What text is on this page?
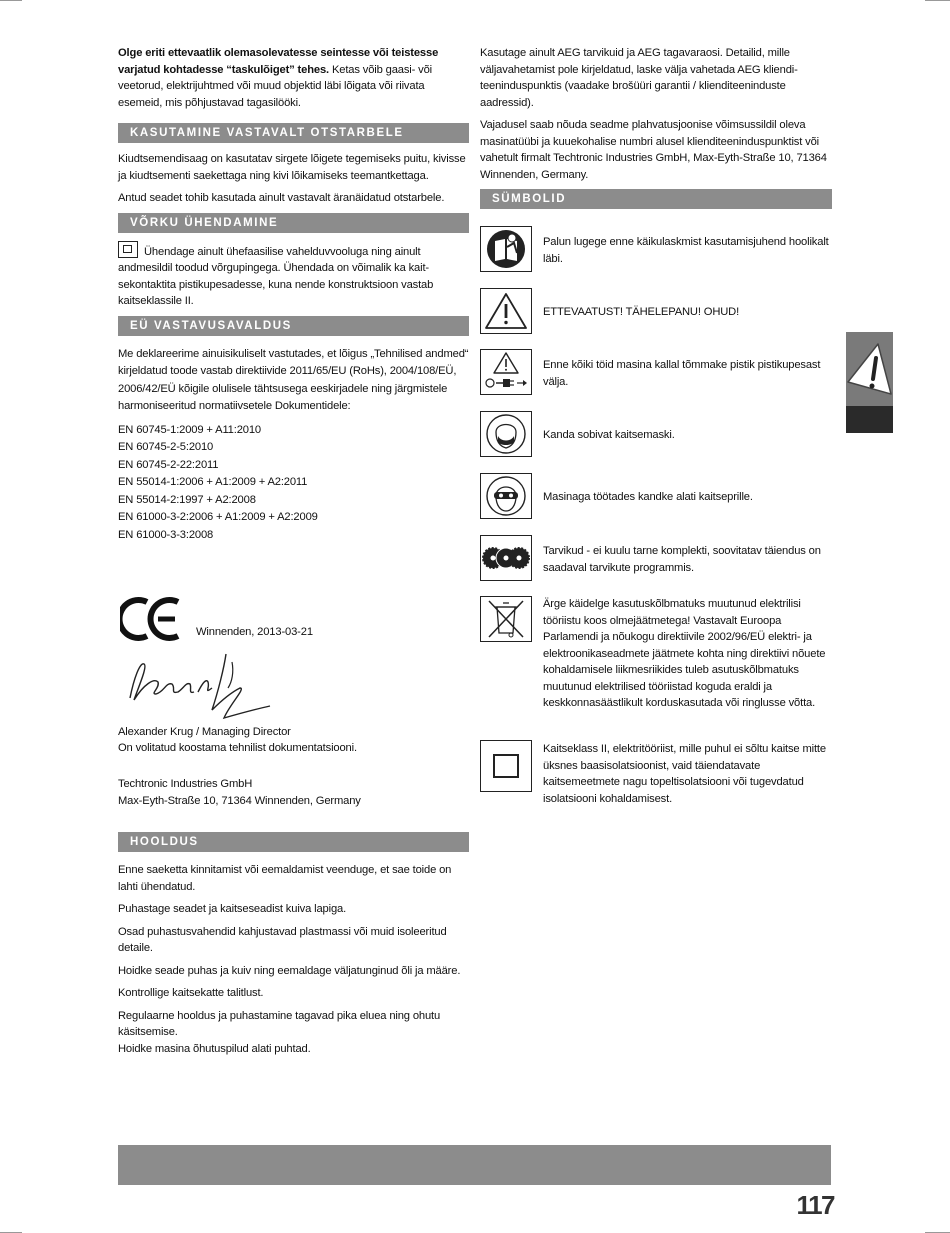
Olge eriti ettevaatlik olemasolevatesse seintesse või teistesse varjatud kohtadesse “taskulõiget” tehes. Ketas võib gaasi- või veetorud, elektrijuhtmed või muud objektid läbi lõigata või riivata esemeid, mis põhjustavad tagasilööki.

KASUTAMINE VASTAVALT OTSTARBELE

Kiudtsemendisaag on kasutatav sirgete lõigete tegemiseks puitu, kivisse ja kiudtsementi saekettaga ning kivi lõikamiseks teemantkettaga.

Antud seadet tohib kasutada ainult vastavalt äranäidatud otstarbele.

VÕRKU ÜHENDAMINE

Ühendage ainult ühefaasilise vahelduvvooluga ning ainult andmesildil toodud võrgupingega. Ühendada on võimalik ka kait-sekontaktita pistikupesadesse, kuna nende konstruktsioon vastab kaitseklassile II.

EÜ VASTAVUSAVALDUS

Me deklareerime ainuisikuliselt vastutades, et lõigus „Tehnilised andmed“ kirjeldatud toode vastab direktiivide 2011/65/EU (RoHs), 2004/108/EÜ, 2006/42/EÜ kõigile olulisele tähtsusega eeskirjadele ning järgmistele harmoniseeritud normatiivsetele Dokumentidele:

EN 60745-1:2009 + A11:2010
EN 60745-2-5:2010
EN 60745-2-22:2011
EN 55014-1:2006 + A1:2009 + A2:2011
EN 55014-2:1997 + A2:2008
EN 61000-3-2:2006 + A1:2009 + A2:2009
EN 61000-3-3:2008
Winnenden, 2013-03-21
Alexander Krug / Managing Director
On volitatud koostama tehnilist dokumentatsiooni.
Techtronic Industries GmbH
Max-Eyth-Straße 10, 71364 Winnenden, Germany
HOOLDUS

Enne saeketta kinnitamist või eemaldamist veenduge, et sae toide on lahti ühendatud.

Puhastage seadet ja kaitseseadist kuiva lapiga.

Osad puhastusvahendid kahjustavad plastmassi või muid isoleeritud detaile.

Hoidke seade puhas ja kuiv ning eemaldage väljatunginud õli ja määre.

Kontrollige kaitsekatte talitlust.

Regulaarne hooldus ja puhastamine tagavad pika eluea ning ohutu käsitsemise.

Hoidke masina õhutuspilud alati puhtad.

Kasutage ainult AEG tarvikuid ja AEG tagavaraosi. Detailid, mille väljavahetamist pole kirjeldatud, laske välja vahetada AEG kliendi-teeninduspunktis (vaadake brošüüri garantii / klienditeeninduste aadressid).

Vajadusel saab nõuda seadme plahvatusjoonise võimsussildil oleva masinatüübi ja kuuekohalise numbri alusel klienditeeninduspunktist või vahetult firmalt Techtronic Industries GmbH, Max-Eyth-Straße 10, 71364 Winnenden, Germany.

SÜMBOLID
Palun lugege enne käikulaskmist kasutamisjuhend hoolikalt läbi.
ETTEVAATUST! TÄHELEPANU! OHUD!
Enne kõiki töid masina kallal tõmmake pistik pistikupesast välja.
Kanda sobivat kaitsemaski.
Masinaga töötades kandke alati kaitseprille.
Tarvikud - ei kuulu tarne komplekti, soovitatav täiendus on saadaval tarvikute programmis.
Ärge käidelge kasutuskõlbmatuks muutunud elektrilisi tööriistu koos olmejäätmetega! Vastavalt Euroopa Parlamendi ja nõukogu direktiivile 2002/96/EÜ elektri- ja elektroonikaseadmete jäätmete kohta ning direktiivi nõuete kohaldamisele liikmesriikides tuleb asutuskõlbmatuks muutunud elektrilised tööriistad koguda eraldi ja keskkonnasäästlikult korduskasutada või ringlusse võtta.
Kaitseklass II, elektritööriist, mille puhul ei sõltu kaitse mitte üksnes baasisolatsioonist, vaid täiendatavate kaitsemeetmete nagu topeltisolatsiooni või tugevdatud isolatsiooni kohaldamisest.
117
